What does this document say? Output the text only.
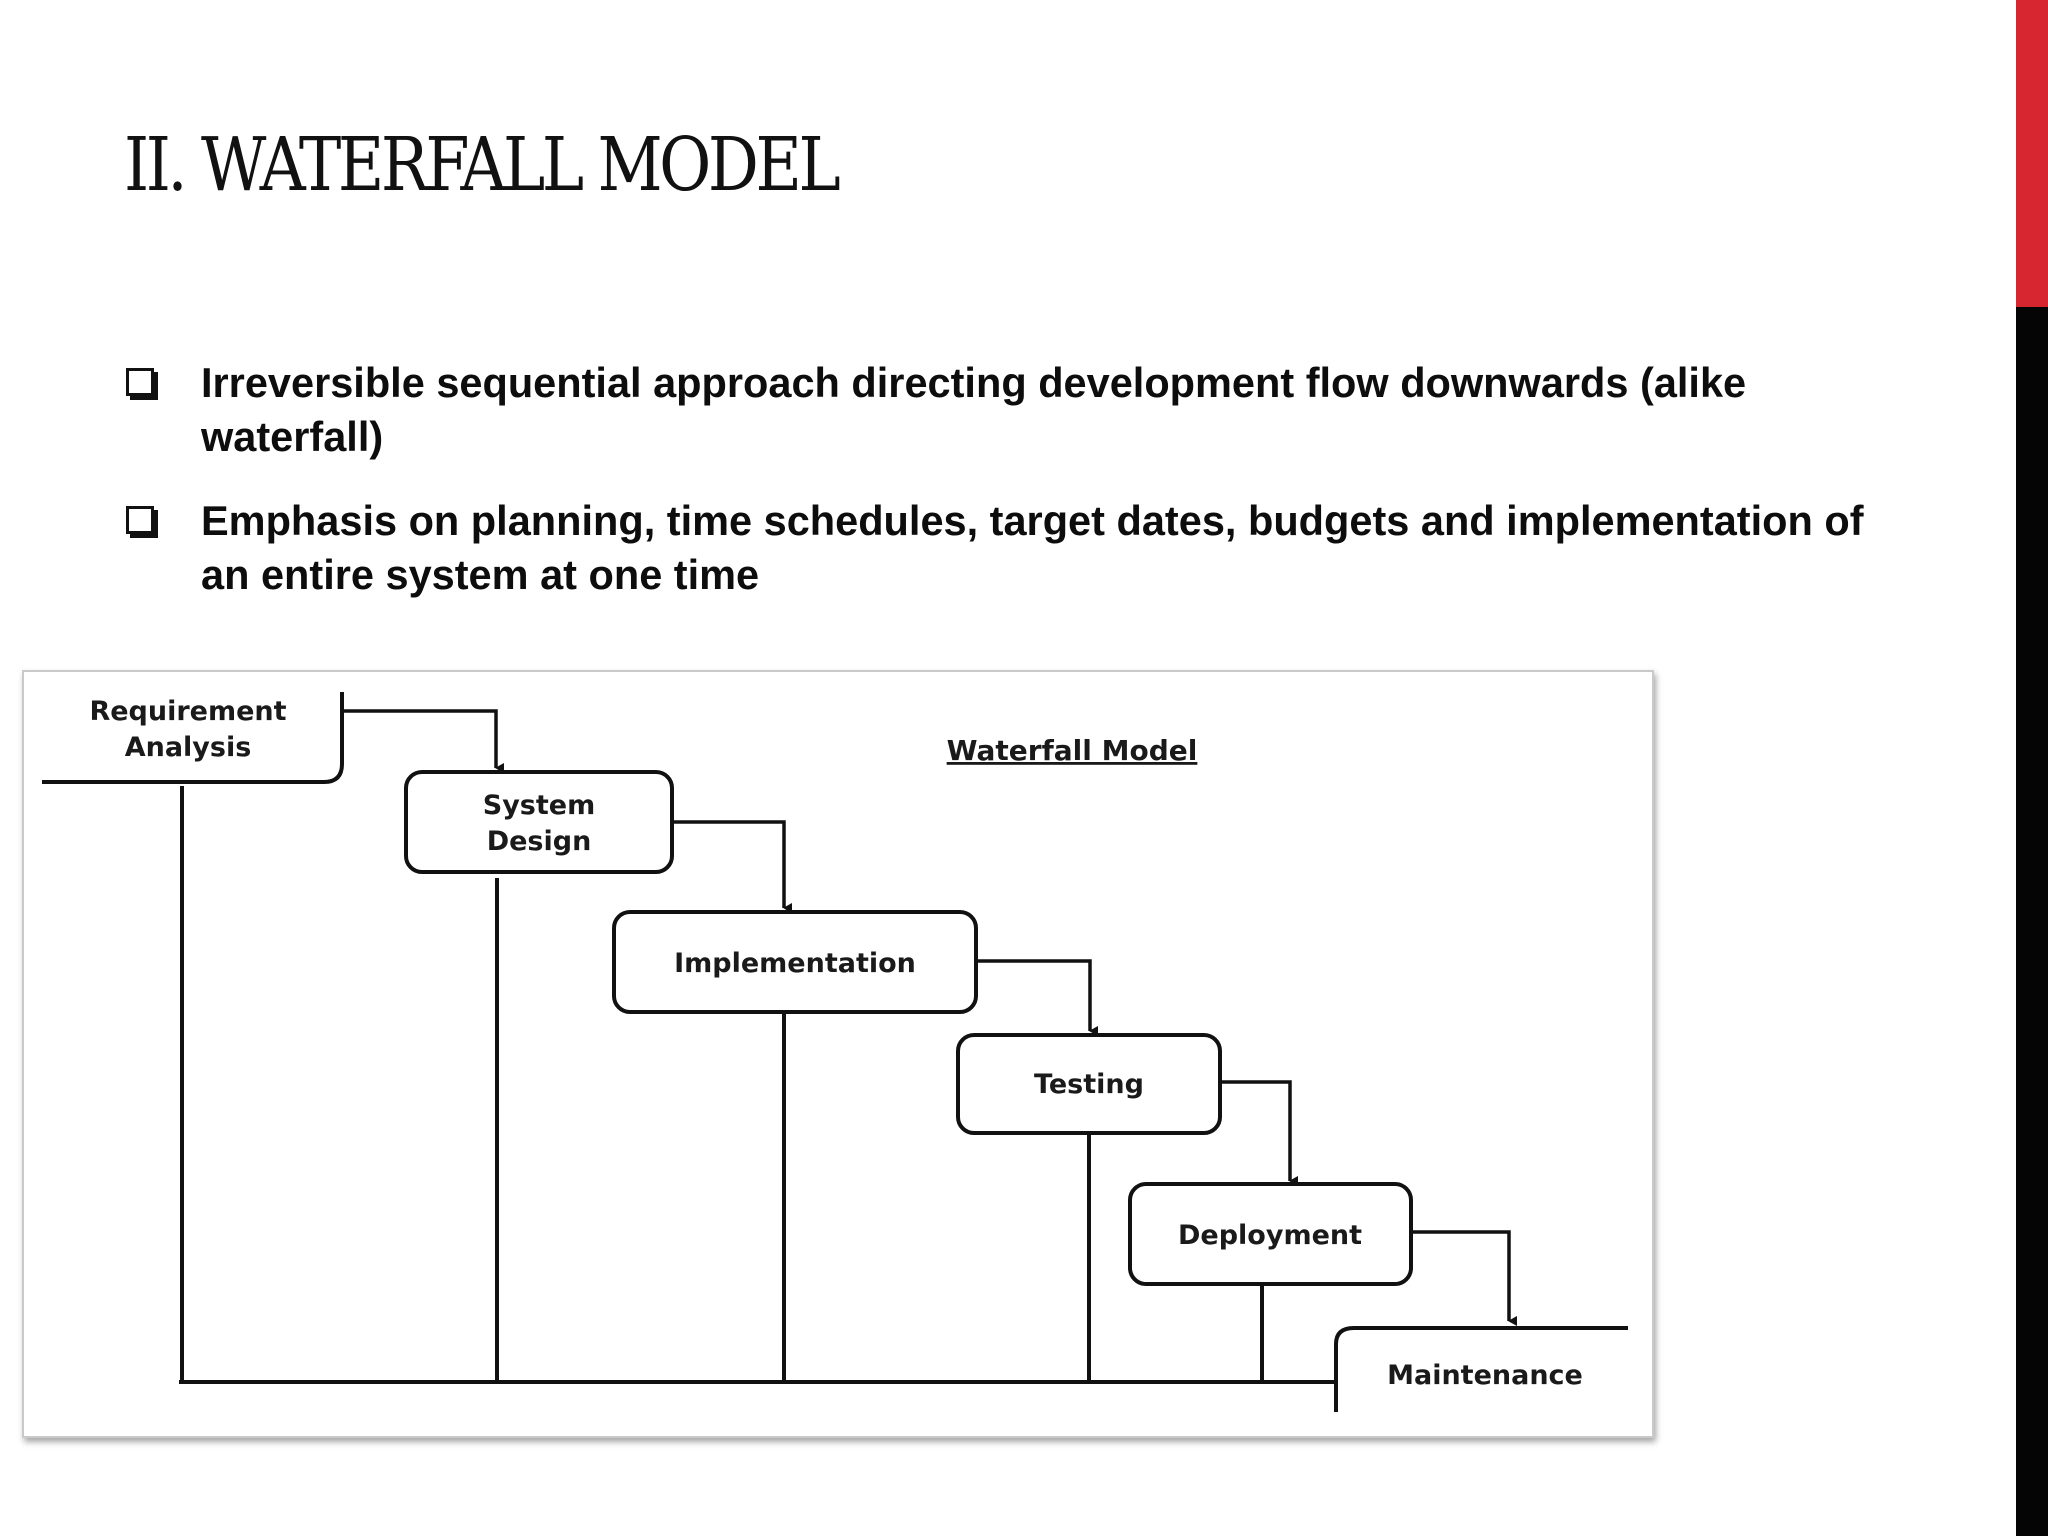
II. WATERFALL MODEL
Irreversible sequential approach directing development flow downwards (alike waterfall)
Emphasis on planning, time schedules, target dates, budgets and implementation of an entire system at one time
Requirement
Analysis
System
Design
Implementation
Testing
Deployment
Maintenance
Waterfall Model
